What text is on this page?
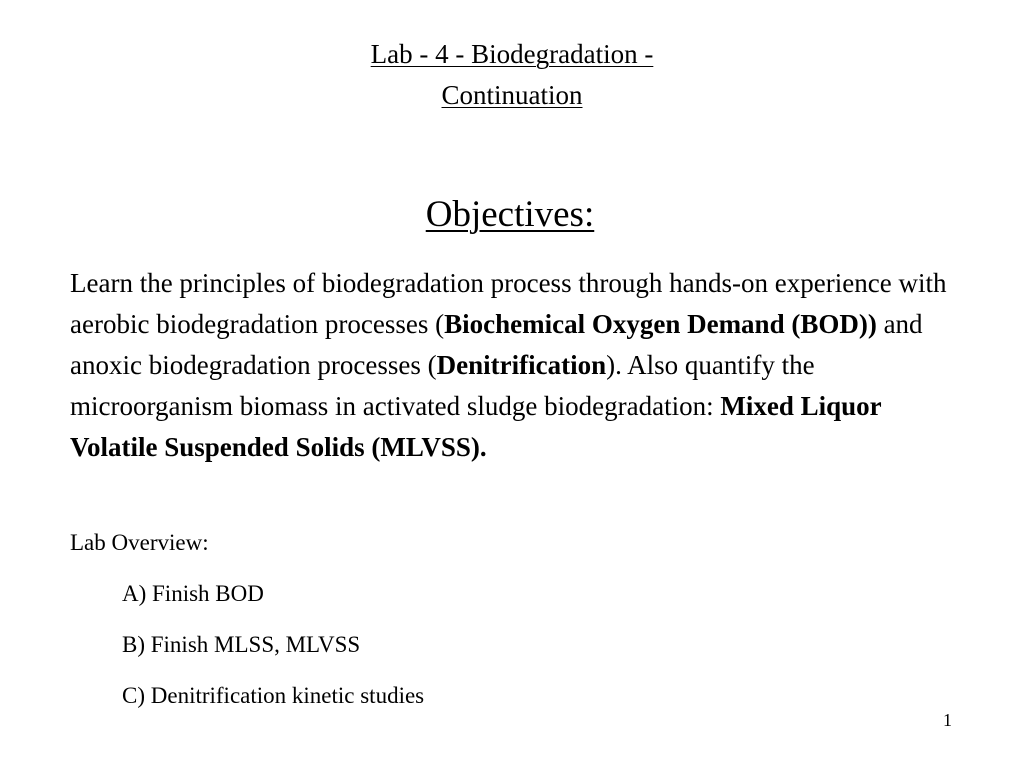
Lab - 4 - Biodegradation -
Continuation
Objectives:
Learn the principles of biodegradation process through hands-on experience with aerobic biodegradation processes (Biochemical Oxygen Demand (BOD)) and anoxic biodegradation processes (Denitrification). Also quantify the microorganism biomass in activated sludge biodegradation: Mixed Liquor Volatile Suspended Solids (MLVSS).
Lab Overview:
A) Finish BOD
B) Finish MLSS, MLVSS
C) Denitrification kinetic studies
1
